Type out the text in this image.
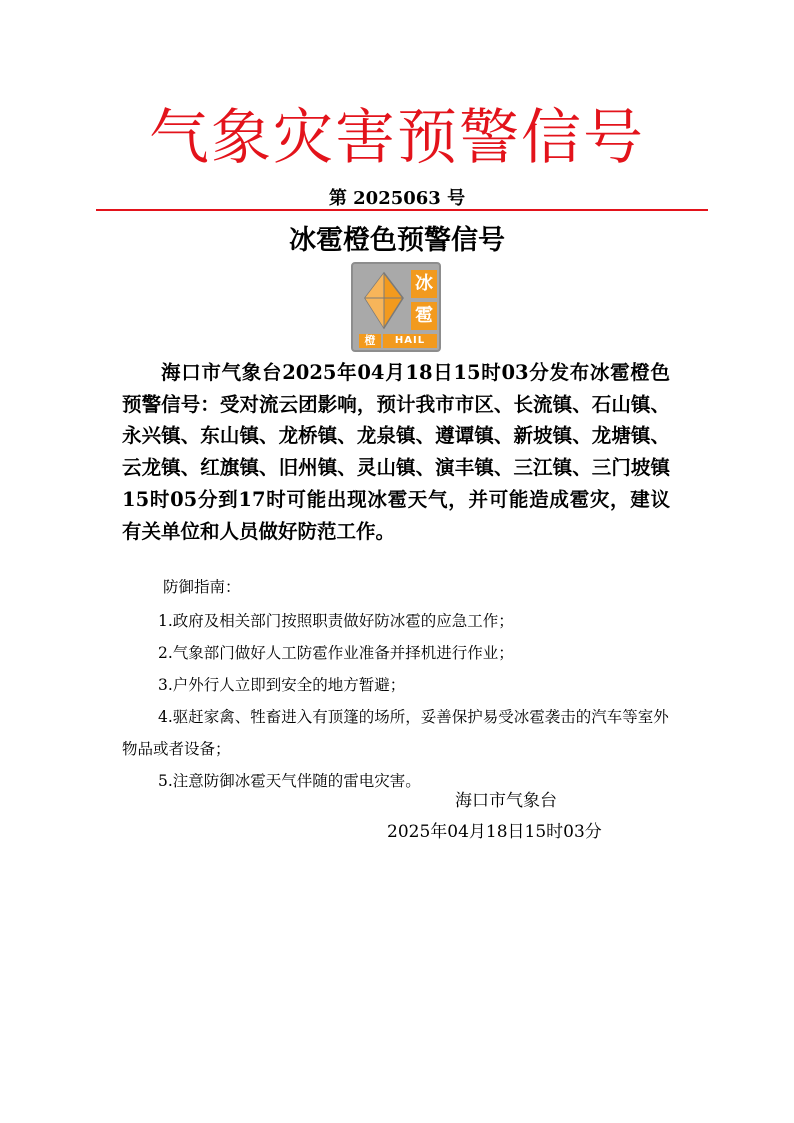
气象灾害预警信号
第 2025063 号
冰雹橙色预警信号
冰
雹
橙	HAIL

海口市气象台2025年04月18日15时03分发布冰雹橙色预警信号：受对流云团影响，预计我市市区、长流镇、石山镇、永兴镇、东山镇、龙桥镇、龙泉镇、遵谭镇、新坡镇、龙塘镇、云龙镇、红旗镇、旧州镇、灵山镇、演丰镇、三江镇、三门坡镇15时05分到17时可能出现冰雹天气，并可能造成雹灾，建议有关单位和人员做好防范工作。

防御指南：

1.政府及相关部门按照职责做好防冰雹的应急工作；

2.气象部门做好人工防雹作业准备并择机进行作业；

3.户外行人立即到安全的地方暂避；

4.驱赶家禽、牲畜进入有顶篷的场所，妥善保护易受冰雹袭击的汽车等室外物品或者设备；

5.注意防御冰雹天气伴随的雷电灾害。

海口市气象台
2025年04月18日15时03分
